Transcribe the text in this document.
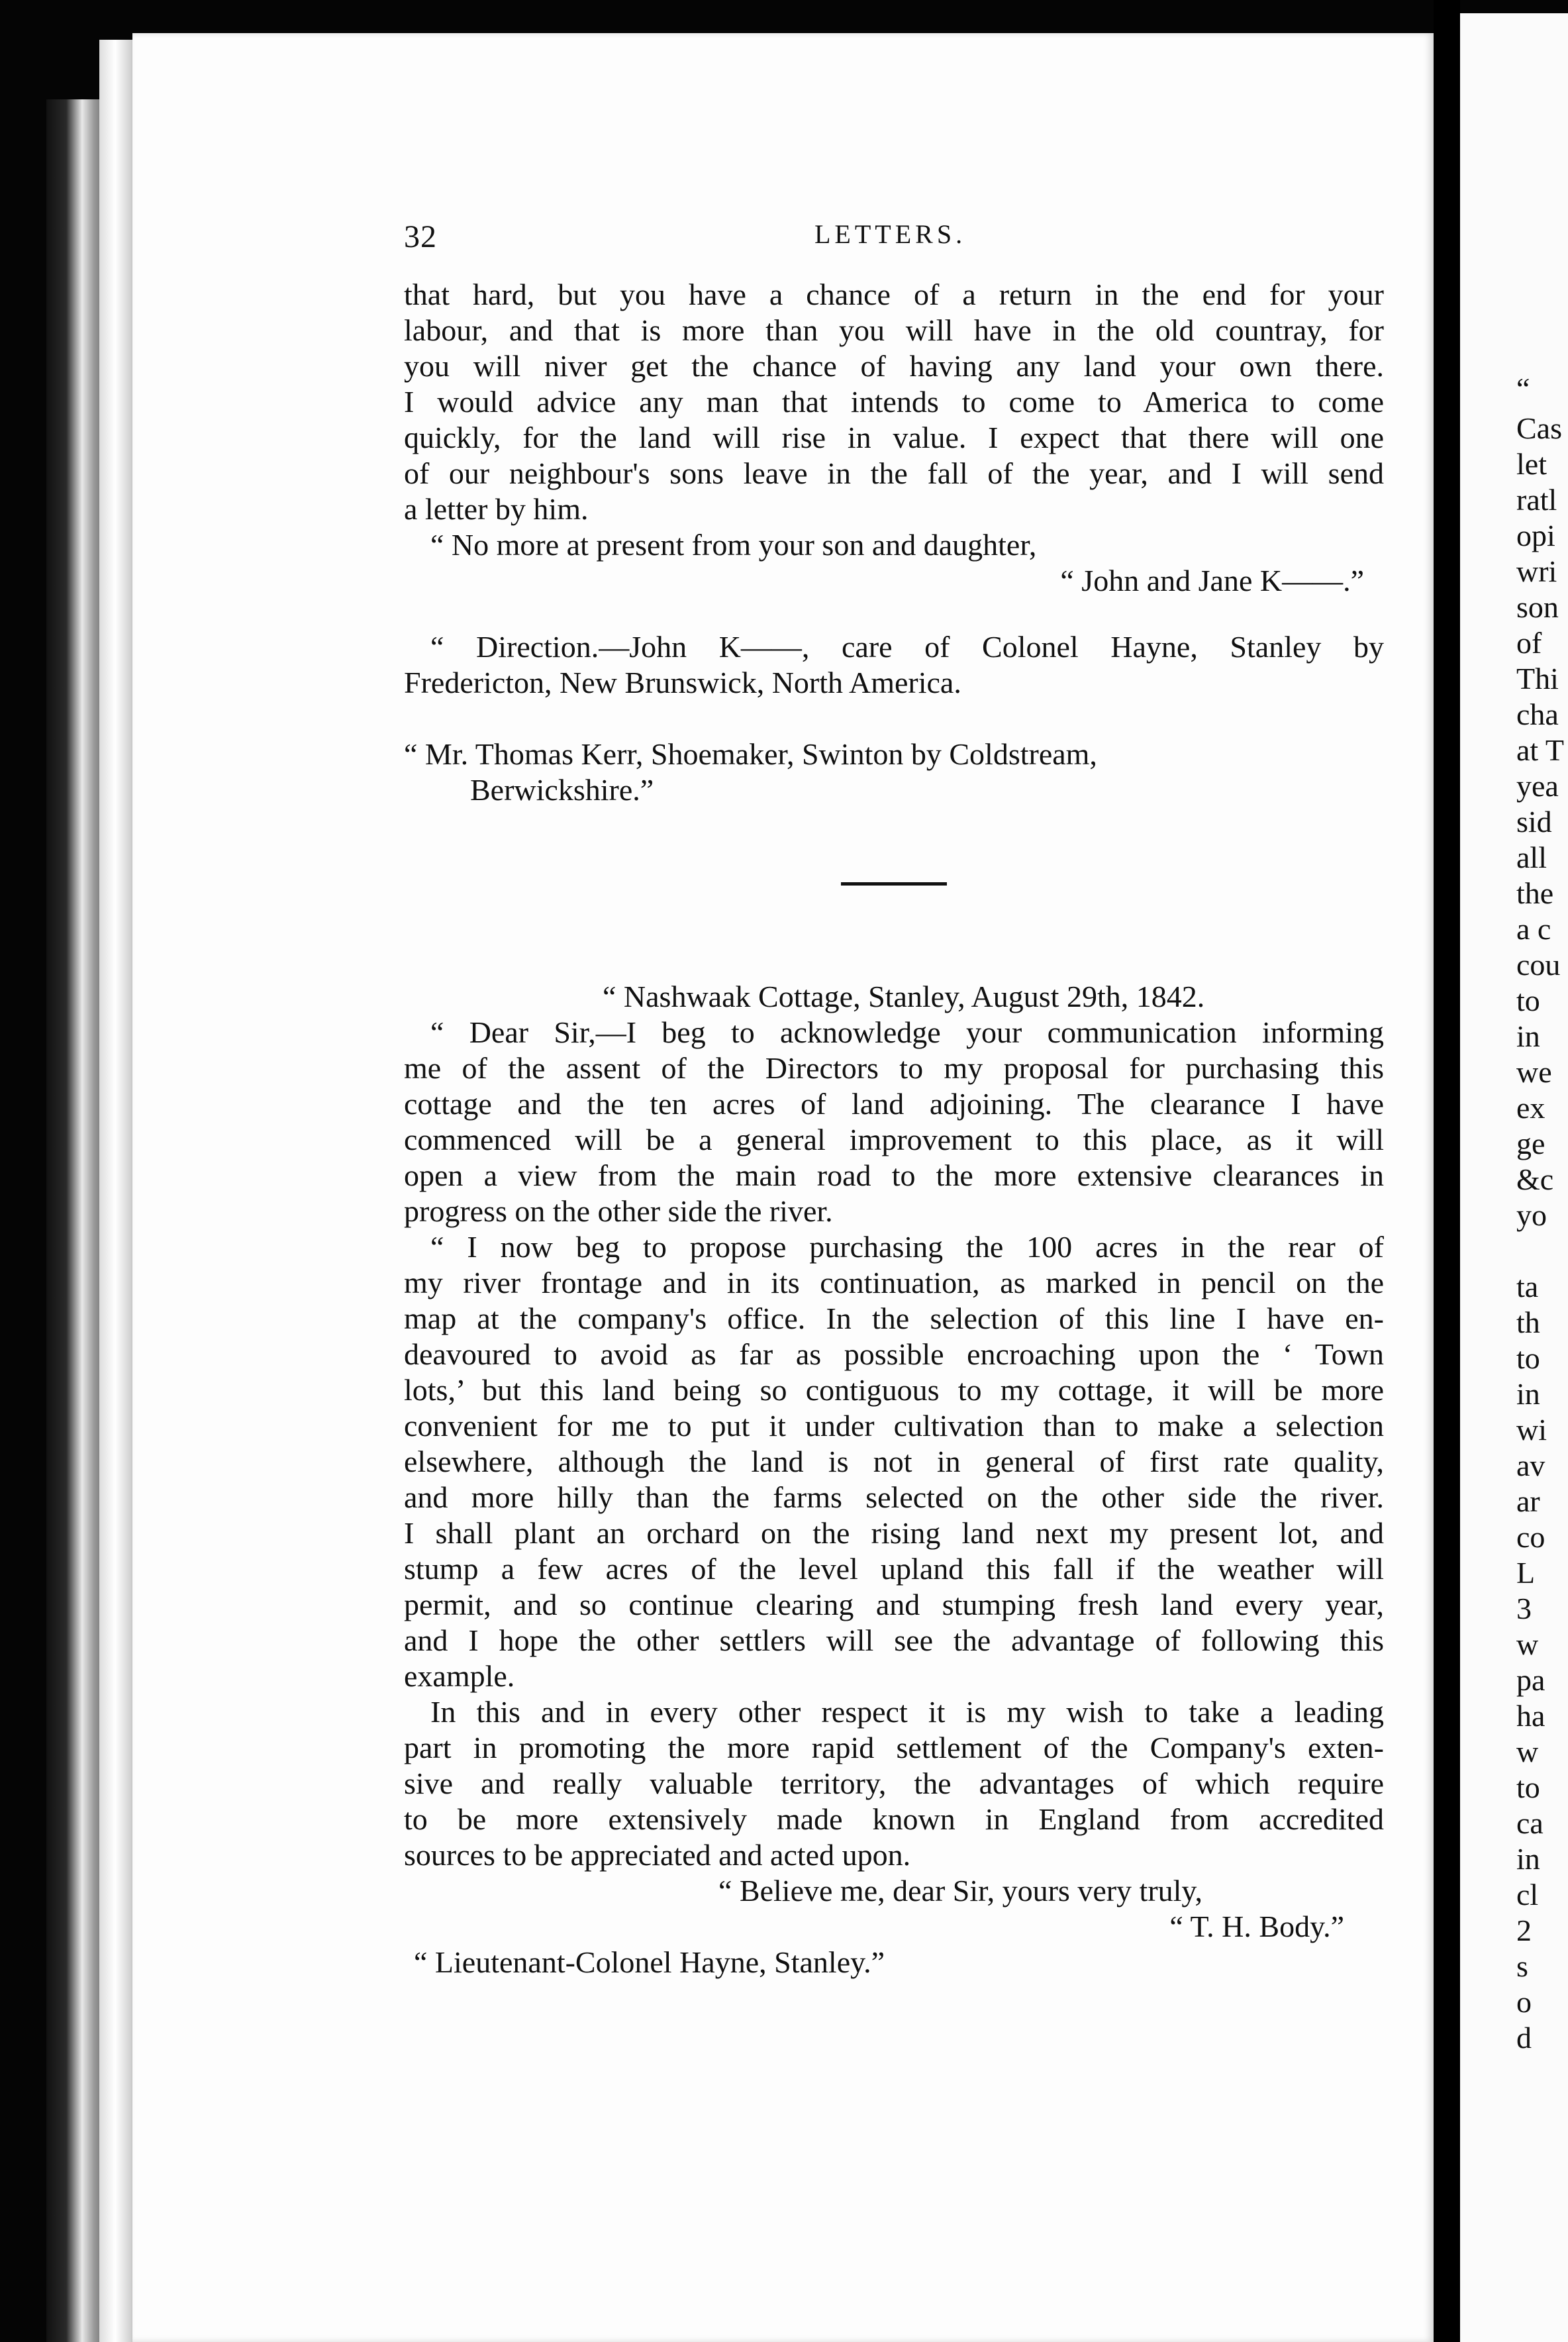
32	LETTERS.
that hard, but you have a chance of a return in the end for your
labour, and that is more than you will have in the old countray, for
you will niver get the chance of having any land your own there.
I would advice any man that intends to come to America to come
quickly, for the land will rise in value. I expect that there will one
of our neighbour's sons leave in the fall of the year, and I will send
a letter by him.
“ No more at present from your son and daughter,
“ John and Jane K——.”
“ Direction.—John K——, care of Colonel Hayne, Stanley by
Fredericton, New Brunswick, North America.
“ Mr. Thomas Kerr, Shoemaker, Swinton by Coldstream,
Berwickshire.”
“ Nashwaak Cottage, Stanley, August 29th, 1842.
“ Dear Sir,—I beg to acknowledge your communication informing
me of the assent of the Directors to my proposal for purchasing this
cottage and the ten acres of land adjoining. The clearance I have
commenced will be a general improvement to this place, as it will
open a view from the main road to the more extensive clearances in
progress on the other side the river.
“ I now beg to propose purchasing the 100 acres in the rear of
my river frontage and in its continuation, as marked in pencil on the
map at the company's office. In the selection of this line I have en-
deavoured to avoid as far as possible encroaching upon the ‘ Town
lots,’ but this land being so contiguous to my cottage, it will be more
convenient for me to put it under cultivation than to make a selection
elsewhere, although the land is not in general of first rate quality,
and more hilly than the farms selected on the other side the river.
I shall plant an orchard on the rising land next my present lot, and
stump a few acres of the level upland this fall if the weather will
permit, and so continue clearing and stumping fresh land every year,
and I hope the other settlers will see the advantage of following this
example.
In this and in every other respect it is my wish to take a leading
part in promoting the more rapid settlement of the Company's exten-
sive and really valuable territory, the advantages of which require
to be more extensively made known in England from accredited
sources to be appreciated and acted upon.
“ Believe me, dear Sir, yours very truly,
“ T. H. Body.”
“ Lieutenant-Colonel Hayne, Stanley.”
“
Cas
let
ratl
opi
wri
son
of
Thi
cha
at T
yea
sid
all
the
a c
cou
to
in
we
ex
ge
&c
yo
ta
th
to
in
wi
av
ar
co
L
3
w
pa
ha
w
to
ca
in
cl
2
s
o
d
